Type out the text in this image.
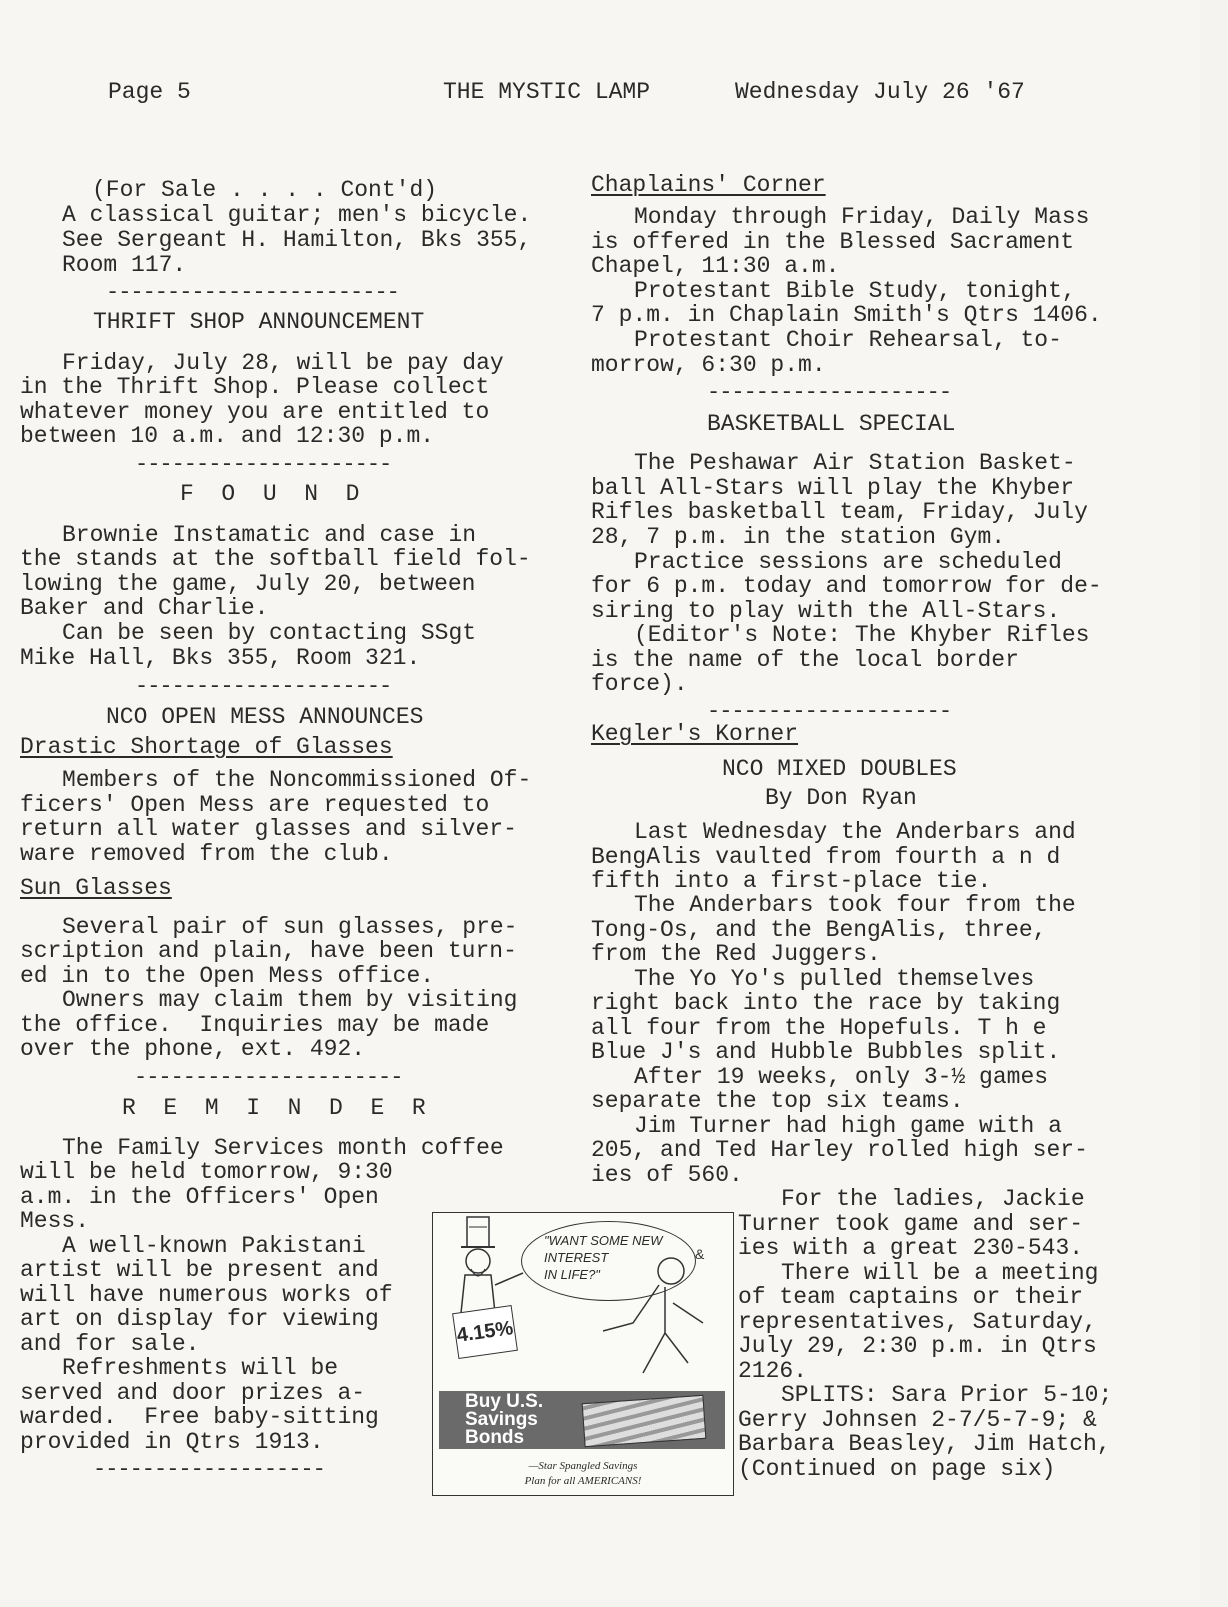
Page 5	THE MYSTIC LAMP	Wednesday July 26 '67
(For Sale . . . . Cont'd)
A classical guitar; men's bicycle.
See Sergeant H. Hamilton, Bks 355,
Room 117.
------------------------
THRIFT SHOP ANNOUNCEMENT
Friday, July 28, will be pay day
in the Thrift Shop. Please collect
whatever money you are entitled to
between 10 a.m. and 12:30 p.m.
---------------------
F  O  U  N  D
Brownie Instamatic and case in
the stands at the softball field fol-
lowing the game, July 20, between
Baker and Charlie.
Can be seen by contacting SSgt
Mike Hall, Bks 355, Room 321.
---------------------
NCO OPEN MESS ANNOUNCES
Drastic Shortage of Glasses
Members of the Noncommissioned Of-
ficers' Open Mess are requested to
return all water glasses and silver-
ware removed from the club.
Sun Glasses
Several pair of sun glasses, pre-
scription and plain, have been turn-
ed in to the Open Mess office.
Owners may claim them by visiting
the office.  Inquiries may be made
over the phone, ext. 492.
----------------------
R  E  M  I  N  D  E  R
The Family Services month coffee
will be held tomorrow, 9:30
a.m. in the Officers' Open
Mess.
A well-known Pakistani
artist will be present and
will have numerous works of
art on display for viewing
and for sale.
Refreshments will be
served and door prizes a-
warded.  Free baby-sitting
provided in Qtrs 1913.
-------------------
Chaplains' Corner
Monday through Friday, Daily Mass
is offered in the Blessed Sacrament
Chapel, 11:30 a.m.
Protestant Bible Study, tonight,
7 p.m. in Chaplain Smith's Qtrs 1406.
Protestant Choir Rehearsal, to-
morrow, 6:30 p.m.
--------------------
BASKETBALL SPECIAL
The Peshawar Air Station Basket-
ball All-Stars will play the Khyber
Rifles basketball team, Friday, July
28, 7 p.m. in the station Gym.
Practice sessions are scheduled
for 6 p.m. today and tomorrow for de-
siring to play with the All-Stars.
(Editor's Note: The Khyber Rifles
is the name of the local border
force).
--------------------
Kegler's Korner
NCO MIXED DOUBLES
By Don Ryan
Last Wednesday the Anderbars and
BengAlis vaulted from fourth a n d
fifth into a first-place tie.
The Anderbars took four from the
Tong-Os, and the BengAlis, three,
from the Red Juggers.
The Yo Yo's pulled themselves
right back into the race by taking
all four from the Hopefuls. T h e
Blue J's and Hubble Bubbles split.
After 19 weeks, only 3-½ games
separate the top six teams.
Jim Turner had high game with a
205, and Ted Harley rolled high ser-
ies of 560.
For the ladies, Jackie
Turner took game and ser-
ies with a great 230-543.
There will be a meeting
of team captains or their
representatives, Saturday,
July 29, 2:30 p.m. in Qtrs
2126.
SPLITS: Sara Prior 5-10;
Gerry Johnsen 2-7/5-7-9; &
Barbara Beasley, Jim Hatch,
(Continued on page six)
&
"WANT SOME NEW
INTEREST
IN LIFE?"
4.15%
Buy U.S.
Savings
Bonds
—Star Spangled Savings
Plan for all AMERICANS!
